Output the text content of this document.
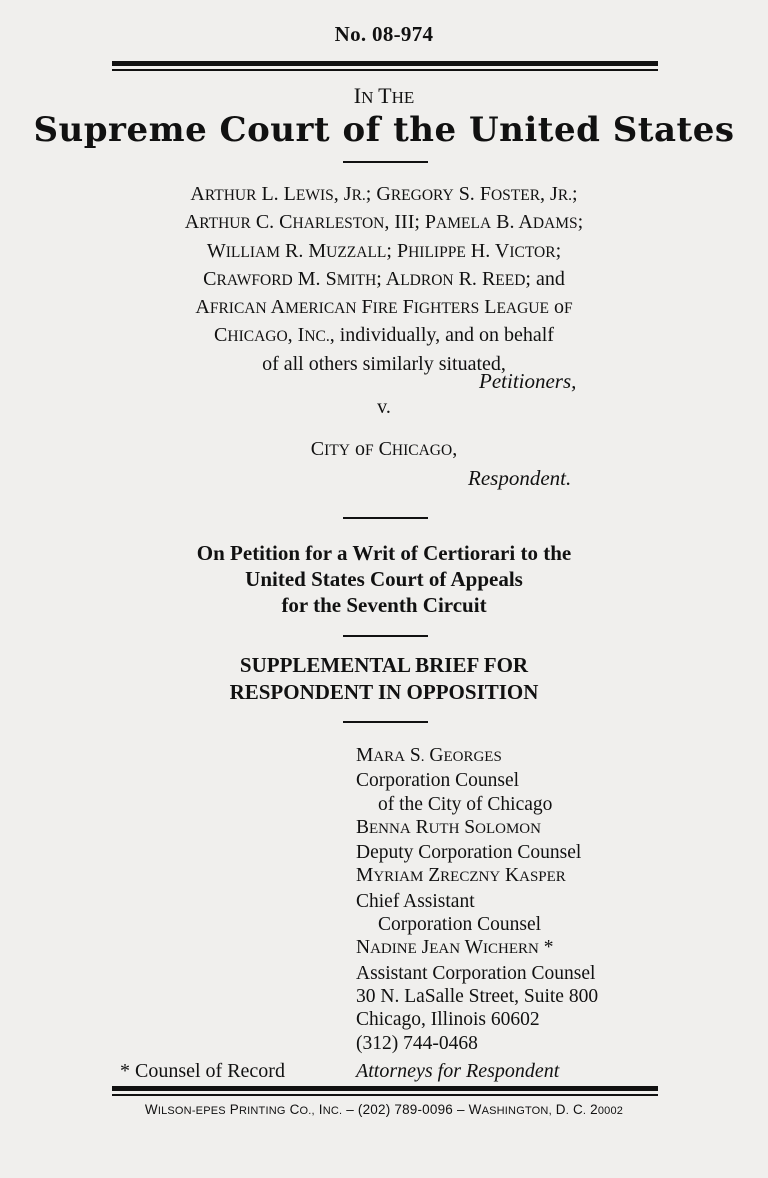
No. 08-974
IN THE
Supreme Court of the United States
ARTHUR L. LEWIS, JR.; GREGORY S. FOSTER, JR.;
ARTHUR C. CHARLESTON, III; PAMELA B. ADAMS;
WILLIAM R. MUZZALL; PHILIPPE H. VICTOR;
CRAWFORD M. SMITH; ALDRON R. REED; and
AFRICAN AMERICAN FIRE FIGHTERS LEAGUE oF
CHICAGO, INC., individually, and on behalf
of all others similarly situated,
Petitioners,
v.
CITY oF CHICAGO,
Respondent.
On Petition for a Writ of Certiorari to the
United States Court of Appeals
for the Seventh Circuit
SUPPLEMENTAL BRIEF FOR
RESPONDENT IN OPPOSITION
MARA S. GEORGES
Corporation Counsel
of the City of Chicago
BENNA RUTH SOLOMON
Deputy Corporation Counsel
MYRIAM ZRECZNY KASPER
Chief Assistant
Corporation Counsel
NADINE JEAN WICHERN *
Assistant Corporation Counsel
30 N. LaSalle Street, Suite 800
Chicago, Illinois 60602
(312) 744-0468
* Counsel of Record	Attorneys for Respondent
WILSON-EPES PRINTING CO., INC. – (202) 789-0096 – WASHINGTON, D. C. 20002
